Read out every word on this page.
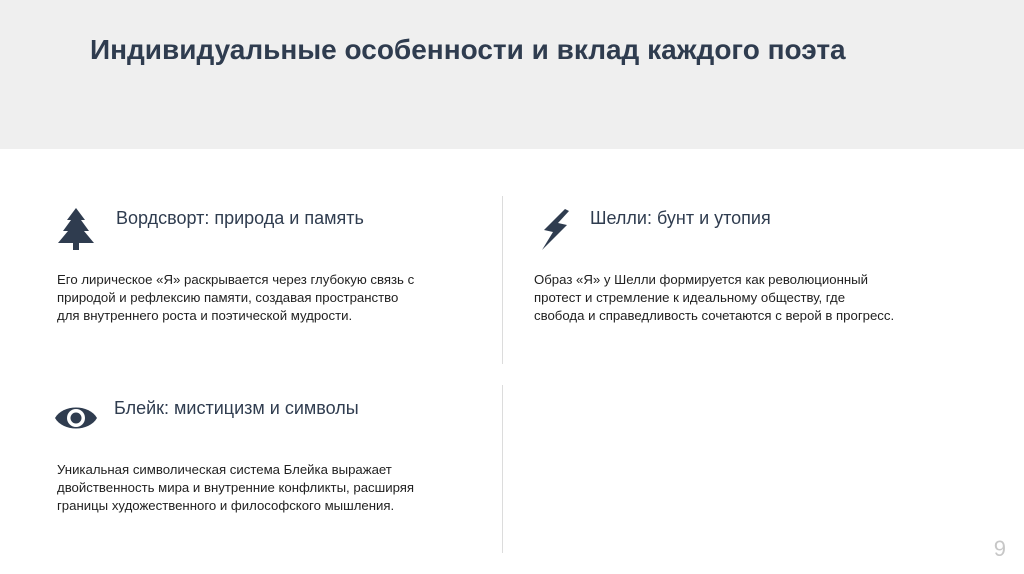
Индивидуальные особенности и вклад каждого поэта
Вордсворт: природа и память
Его лирическое «Я» раскрывается через глубокую связь с
природой и рефлексию памяти, создавая пространство
для внутреннего роста и поэтической мудрости.
Шелли: бунт и утопия
Образ «Я» у Шелли формируется как революционный
протест и стремление к идеальному обществу, где
свобода и справедливость сочетаются с верой в прогресс.
Блейк: мистицизм и символы
Уникальная символическая система Блейка выражает
двойственность мира и внутренние конфликты, расширяя
границы художественного и философского мышления.
9
